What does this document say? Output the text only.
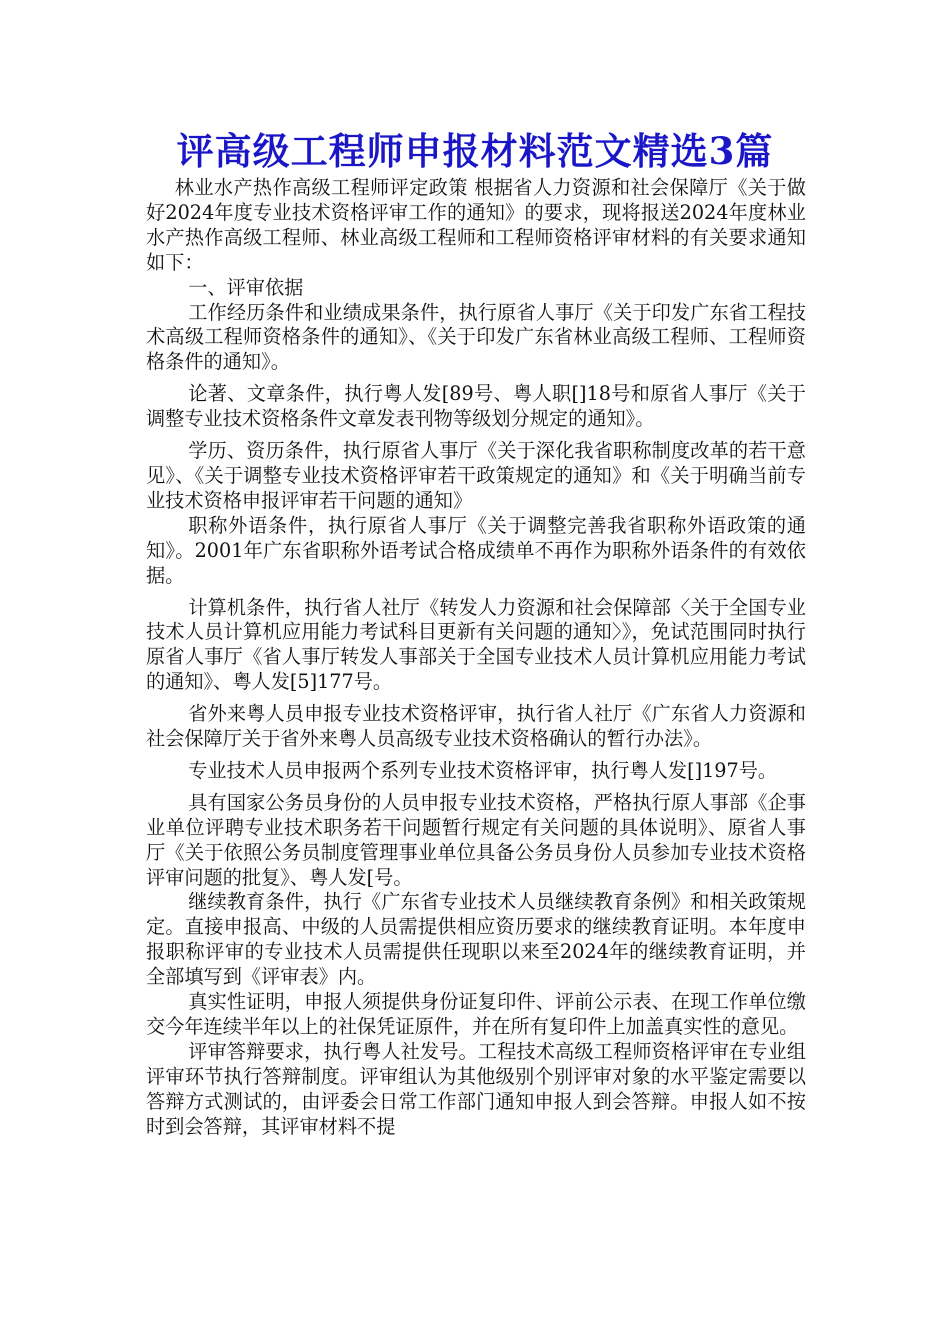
评高级工程师申报材料范文精选3篇

林业水产热作高级工程师评定政策 根据省人力资源和社会保障厅《关于做好2024年度专业技术资格评审工作的通知》的要求，现将报送2024年度林业水产热作高级工程师、林业高级工程师和工程师资格评审材料的有关要求通知如下：

一、评审依据

工作经历条件和业绩成果条件，执行原省人事厅《关于印发广东省工程技术高级工程师资格条件的通知》、《关于印发广东省林业高级工程师、工程师资格条件的通知》。

论著、文章条件，执行粤人发[89号、粤人职[]18号和原省人事厅《关于调整专业技术资格条件文章发表刊物等级划分规定的通知》。

学历、资历条件，执行原省人事厅《关于深化我省职称制度改革的若干意见》、《关于调整专业技术资格评审若干政策规定的通知》和《关于明确当前专业技术资格申报评审若干问题的通知》

职称外语条件，执行原省人事厅《关于调整完善我省职称外语政策的通知》。2001年广东省职称外语考试合格成绩单不再作为职称外语条件的有效依据。

计算机条件，执行省人社厅《转发人力资源和社会保障部〈关于全国专业技术人员计算机应用能力考试科目更新有关问题的通知〉》，免试范围同时执行原省人事厅《省人事厅转发人事部关于全国专业技术人员计算机应用能力考试的通知》、粤人发[5]177号。

省外来粤人员申报专业技术资格评审，执行省人社厅《广东省人力资源和社会保障厅关于省外来粤人员高级专业技术资格确认的暂行办法》。

专业技术人员申报两个系列专业技术资格评审，执行粤人发[]197号。

具有国家公务员身份的人员申报专业技术资格，严格执行原人事部《企事业单位评聘专业技术职务若干问题暂行规定有关问题的具体说明》、原省人事厅《关于依照公务员制度管理事业单位具备公务员身份人员参加专业技术资格评审问题的批复》、粤人发[号。

继续教育条件，执行《广东省专业技术人员继续教育条例》和相关政策规定。直接申报高、中级的人员需提供相应资历要求的继续教育证明。本年度申报职称评审的专业技术人员需提供任现职以来至2024年的继续教育证明，并全部填写到《评审表》内。

真实性证明，申报人须提供身份证复印件、评前公示表、在现工作单位缴交今年连续半年以上的社保凭证原件，并在所有复印件上加盖真实性的意见。

评审答辩要求，执行粤人社发号。工程技术高级工程师资格评审在专业组评审环节执行答辩制度。评审组认为其他级别个别评审对象的水平鉴定需要以答辩方式测试的，由评委会日常工作部门通知申报人到会答辩。申报人如不按时到会答辩，其评审材料不提
